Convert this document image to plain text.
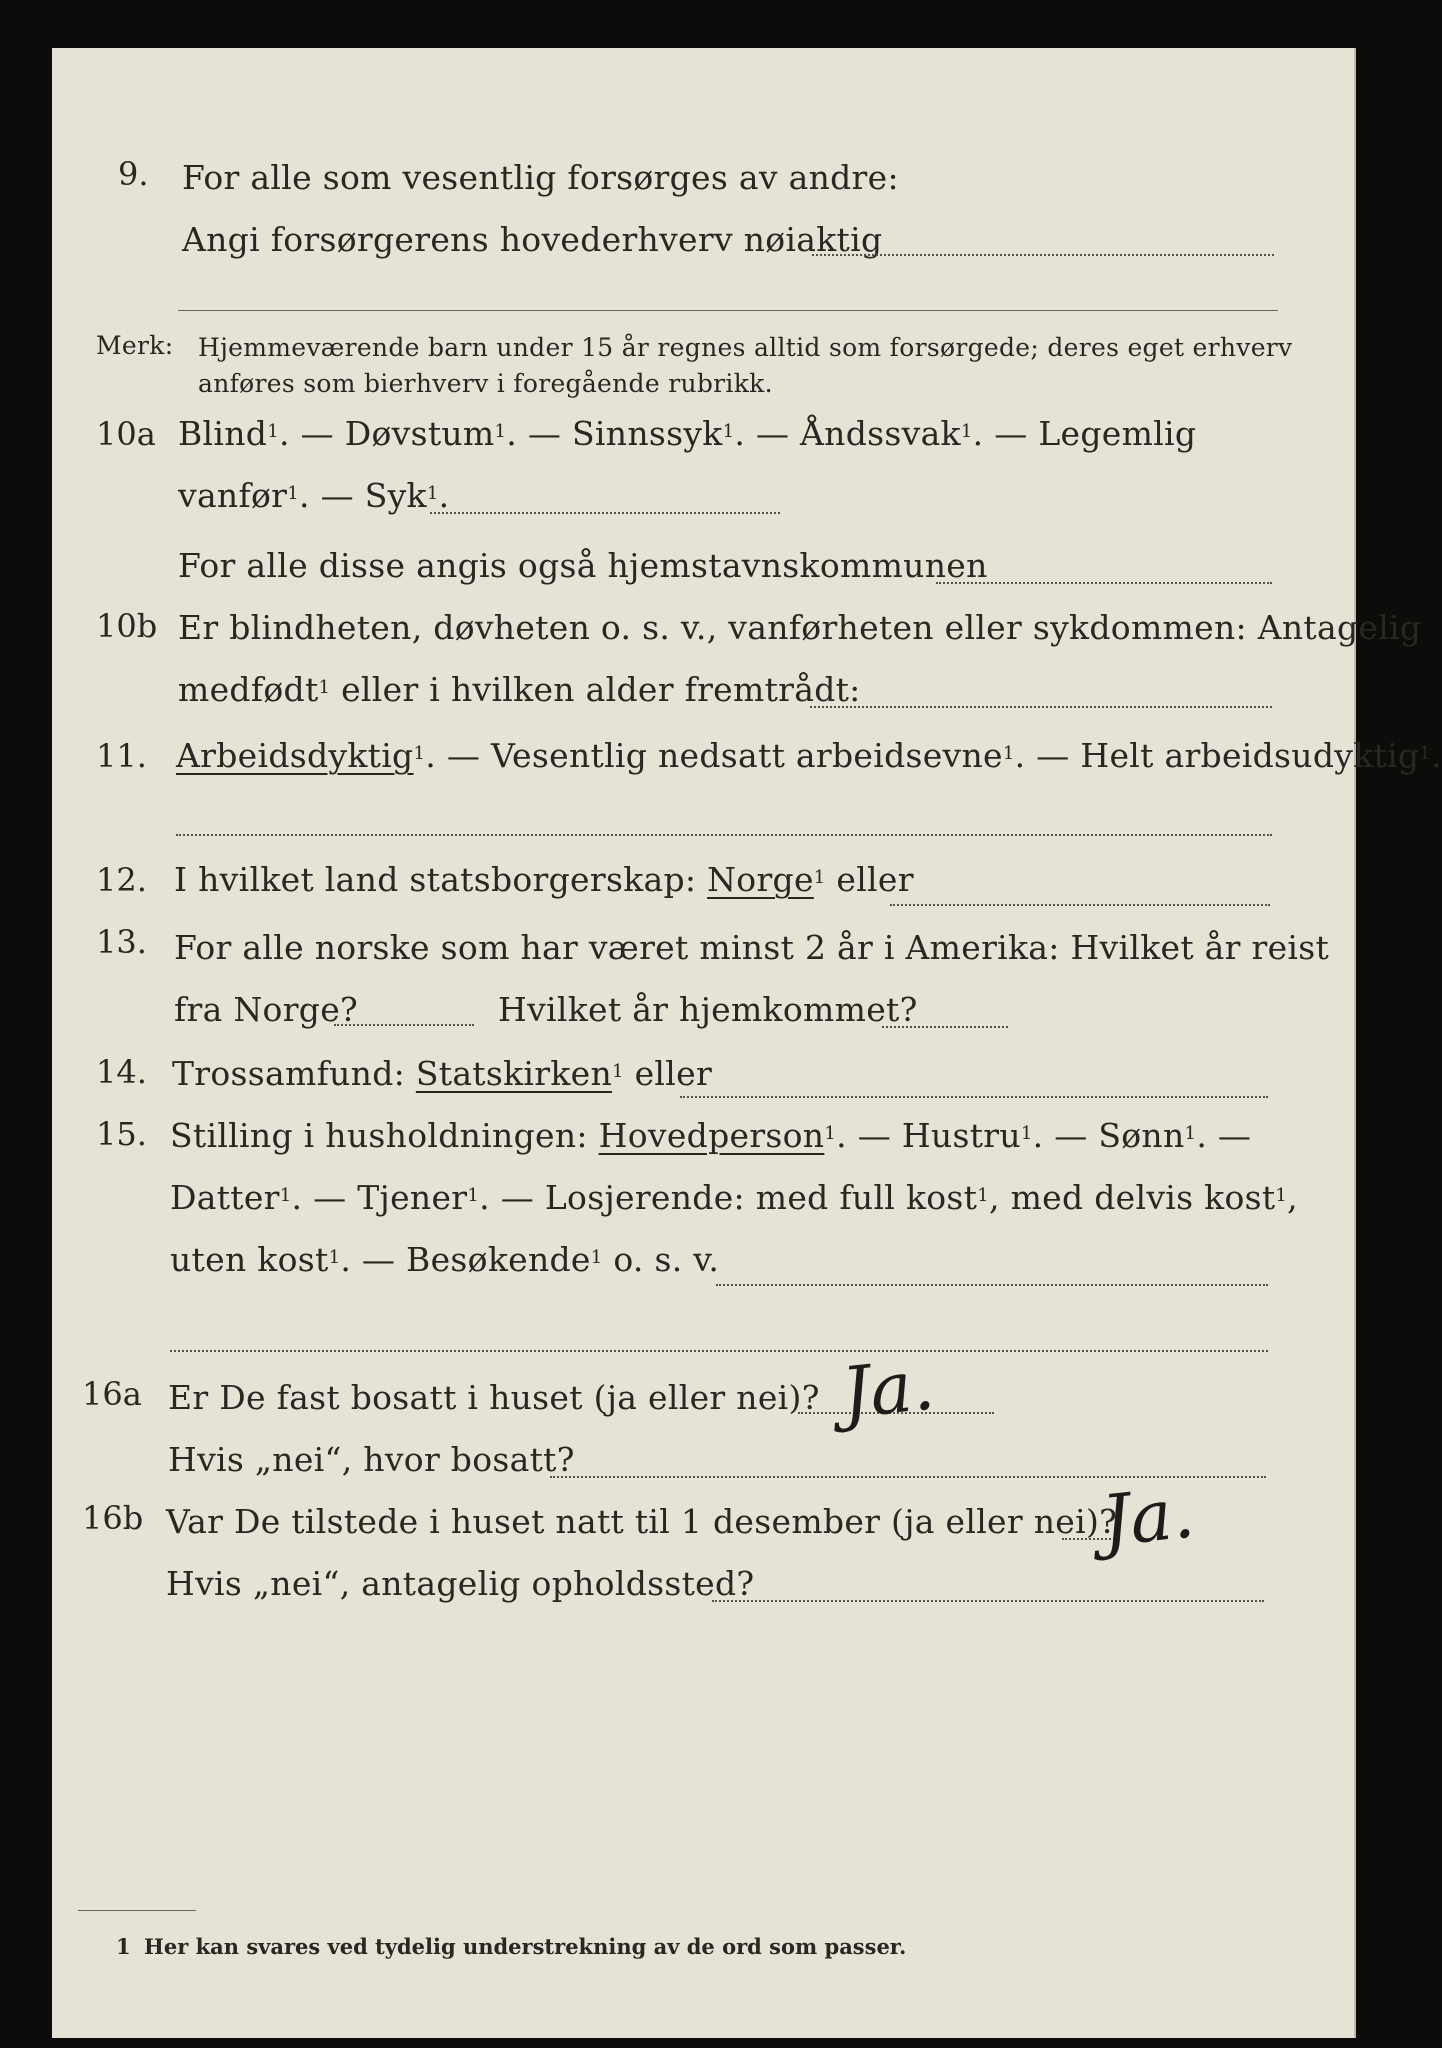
9. For alle som vesentlig forsørges av andre:
Angi forsørgerens hovederhverv nøiaktig
Merk: Hjemmeværende barn under 15 år regnes alltid som forsørgede; deres eget erhverv
anføres som bierhverv i foregående rubrikk.
10a Blind$^1$. — Døvstum$^1$. — Sinnssyk$^1$. — Åndssvak$^1$. — Legemlig
vanfør$^1$. — Syk$^1$.
For alle disse angis også hjemstavnskommunen
10b Er blindheten, døvheten o. s. v., vanførheten eller sykdommen: Antagelig
medfødt$^1$ eller i hvilken alder fremtrådt:
11. Arbeidsdyktig$^1$. — Vesentlig nedsatt arbeidsevne$^1$. — Helt arbeidsudyktig$^1$.
12. I hvilket land statsborgerskap: Norge$^1$ eller
13. For alle norske som har været minst 2 år i Amerika: Hvilket år reist
fra Norge?	Hvilket år hjemkommet?
14. Trossamfund: Statskirken$^1$ eller
15. Stilling i husholdningen: Hovedperson$^1$. — Hustru$^1$. — Sønn$^1$. —
Datter$^1$. — Tjener$^1$. — Losjerende: med full kost$^1$, med delvis kost$^1$,
uten kost$^1$. — Besøkende$^1$ o. s. v.
16a Er De fast bosatt i huset (ja eller nei)? Ja.
Hvis „nei“, hvor bosatt?
16b Var De tilstede i huset natt til 1 desember (ja eller nei)?
Ja.
Hvis „nei“, antagelig opholdssted?
1 Her kan svares ved tydelig understrekning av de ord som passer.
